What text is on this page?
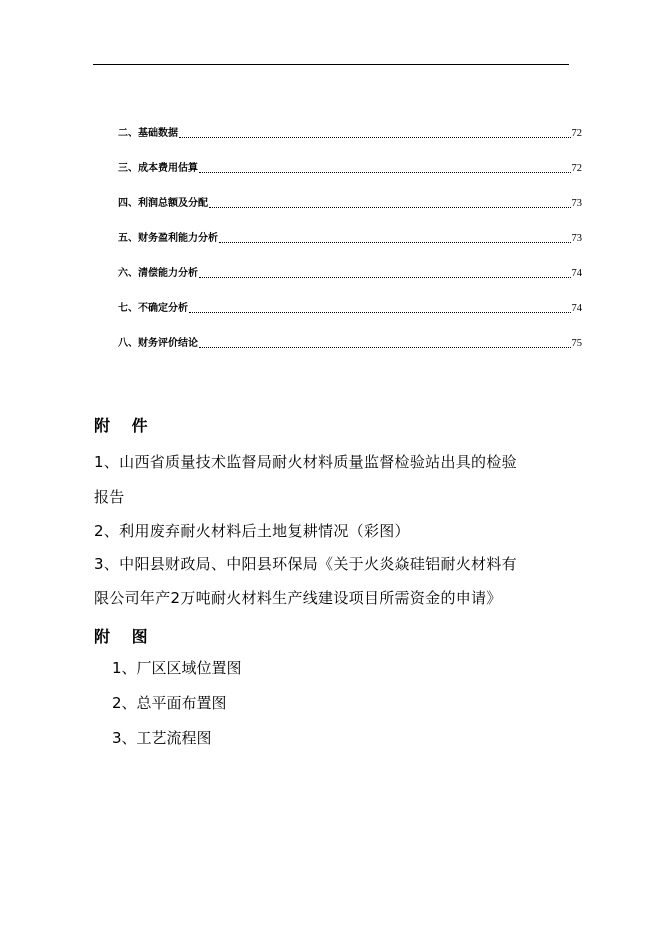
二、基础数据	72
三、成本费用估算	72
四、利润总额及分配	73
五、财务盈利能力分析	73
六、清偿能力分析	74
七、不确定分析	74
八、财务评价结论	75
附 件
1、山西省质量技术监督局耐火材料质量监督检验站出具的检验
报告
2、利用废弃耐火材料后土地复耕情况（彩图）
3、中阳县财政局、中阳县环保局《关于火炎焱硅铝耐火材料有
限公司年产2万吨耐火材料生产线建设项目所需资金的申请》
附 图
1、厂区区域位置图
2、总平面布置图
3、工艺流程图
